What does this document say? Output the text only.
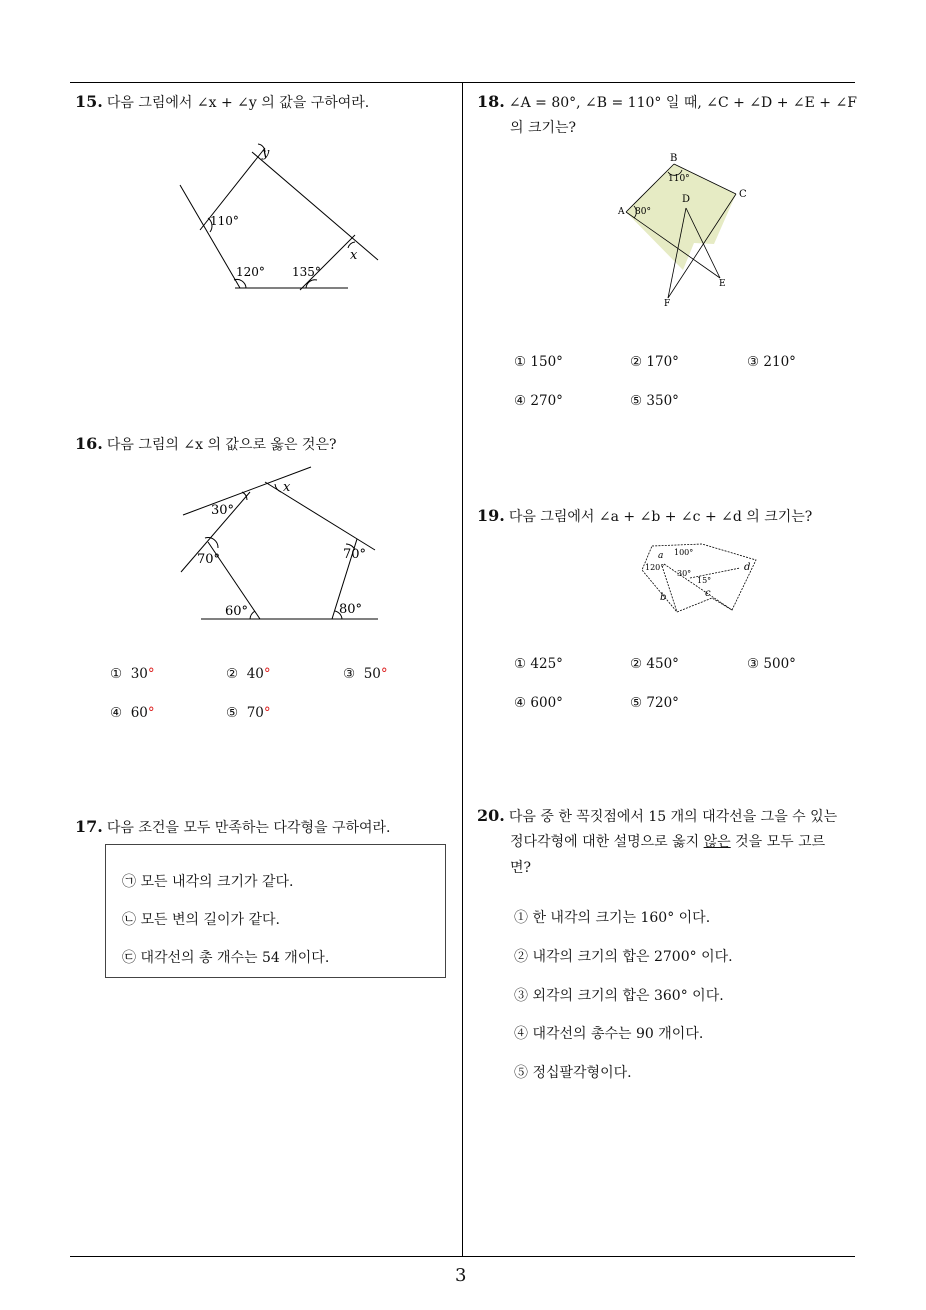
3
15. 다음 그림에서 ∠x + ∠y 의 값을 구하여라.
y
110°
120° 135°
x
16. 다음 그림의 ∠x 의 값으로 옳은 것은?
x
30°
70°	70°
60°	80°
① 30°	② 40°	③ 50°
④ 60°	⑤ 70°
17. 다음 조건을 모두 만족하는 다각형을 구하여라.
㉠ 모든 내각의 크기가 같다.
㉡ 모든 변의 길이가 같다.
㉢ 대각선의 총 개수는 54 개이다.
18. ∠A = 80°, ∠B = 110° 일 때, ∠C + ∠D + ∠E + ∠F
의 크기는?
B
110°
C
A 80°
D
E
F
① 150°	② 170°	③ 210°
④ 270°	⑤ 350°
19. 다음 그림에서 ∠a + ∠b + ∠c + ∠d 의 크기는?
a 100°
120°
30°
15°
d
b	c
① 425°	② 450°	③ 500°
④ 600°	⑤ 720°
20. 다음 중 한 꼭짓점에서 15 개의 대각선을 그을 수 있는
정다각형에 대한 설명으로 옳지 않은 것을 모두 고르
면?
① 한 내각의 크기는 160° 이다.
② 내각의 크기의 합은 2700° 이다.
③ 외각의 크기의 합은 360° 이다.
④ 대각선의 총수는 90 개이다.
⑤ 정십팔각형이다.
